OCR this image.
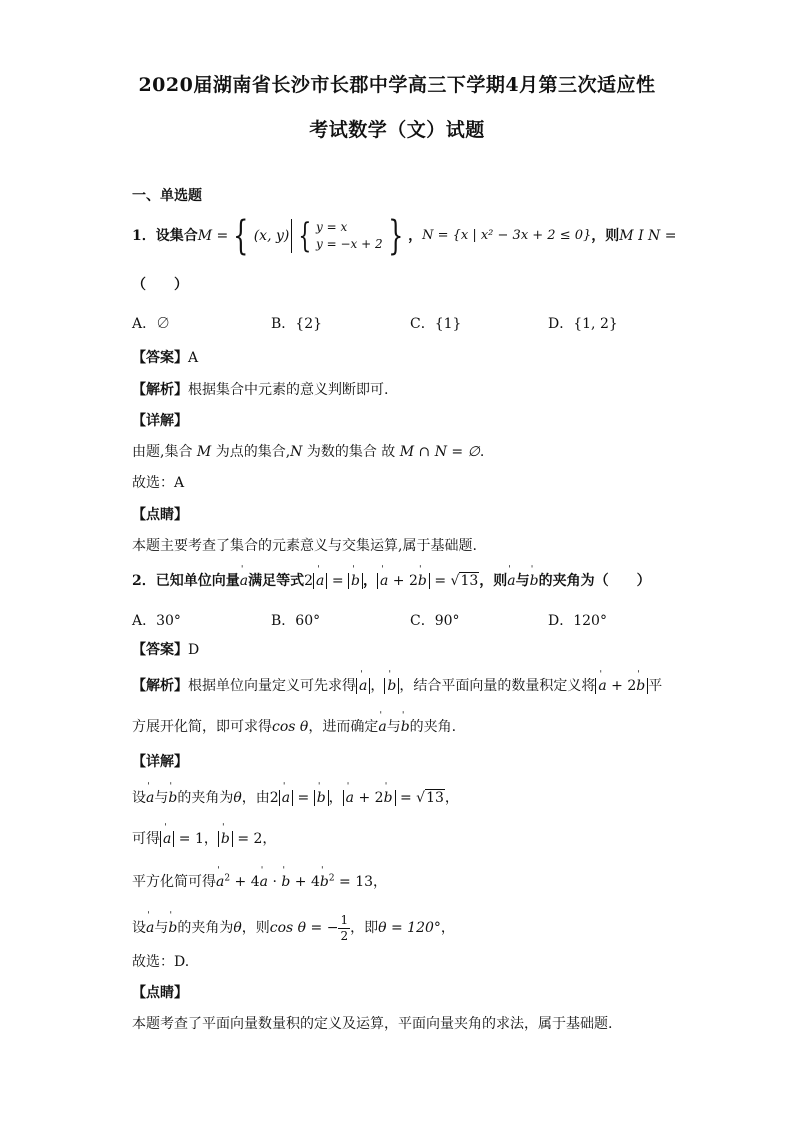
2020届湖南省长沙市长郡中学高三下学期4月第三次适应性
考试数学（文）试题
一、单选题
1．设集合 M = { (x, y) { y = x
y = −x + 2 } ， N = {x | x² − 3x + 2 ≤ 0} ，则 M I N =
（　　）
A．∅	B．{2}	C．{1}	D．{1, 2}
【答案】A
【解析】根据集合中元素的意义判断即可.
【详解】
由题,集合 M 为点的集合,N 为数的集合 故 M ∩ N = ∅.
故选：A
【点睛】
本题主要考查了集合的元素意义与交集运算,属于基础题.
2．已知单位向量ˈ a满足等式2 ˈ a = ˈ b ， ˈ a + 2ˈ b = √13，则ˈ a与ˈ b的夹角为（　　）
A．30°	B．60°	C．90°	D．120°
【答案】D
【解析】根据单位向量定义可先求得 ˈ a ， ˈ b ，结合平面向量的数量积定义将 ˈ a + 2ˈ b 平
方展开化简，即可求得cos θ，进而确定ˈ a与ˈ b的夹角.
【详解】
设ˈ a与ˈ b的夹角为θ，由2 ˈ a = ˈ b ， ˈ a + 2ˈ b = √13，
可得 ˈ a = 1， ˈ b = 2，
平方化简可得ˈ $a^2$ + 4ˈ a · ˈ b + 4ˈ $b^2 = 13$，
设 ˈ a 与 ˈ b 的夹角为 θ ，则 cos θ = − $\frac{1}{2}$ ，即 θ = 120° ，
故选：D.
【点睛】
本题考查了平面向量数量积的定义及运算，平面向量夹角的求法，属于基础题.
